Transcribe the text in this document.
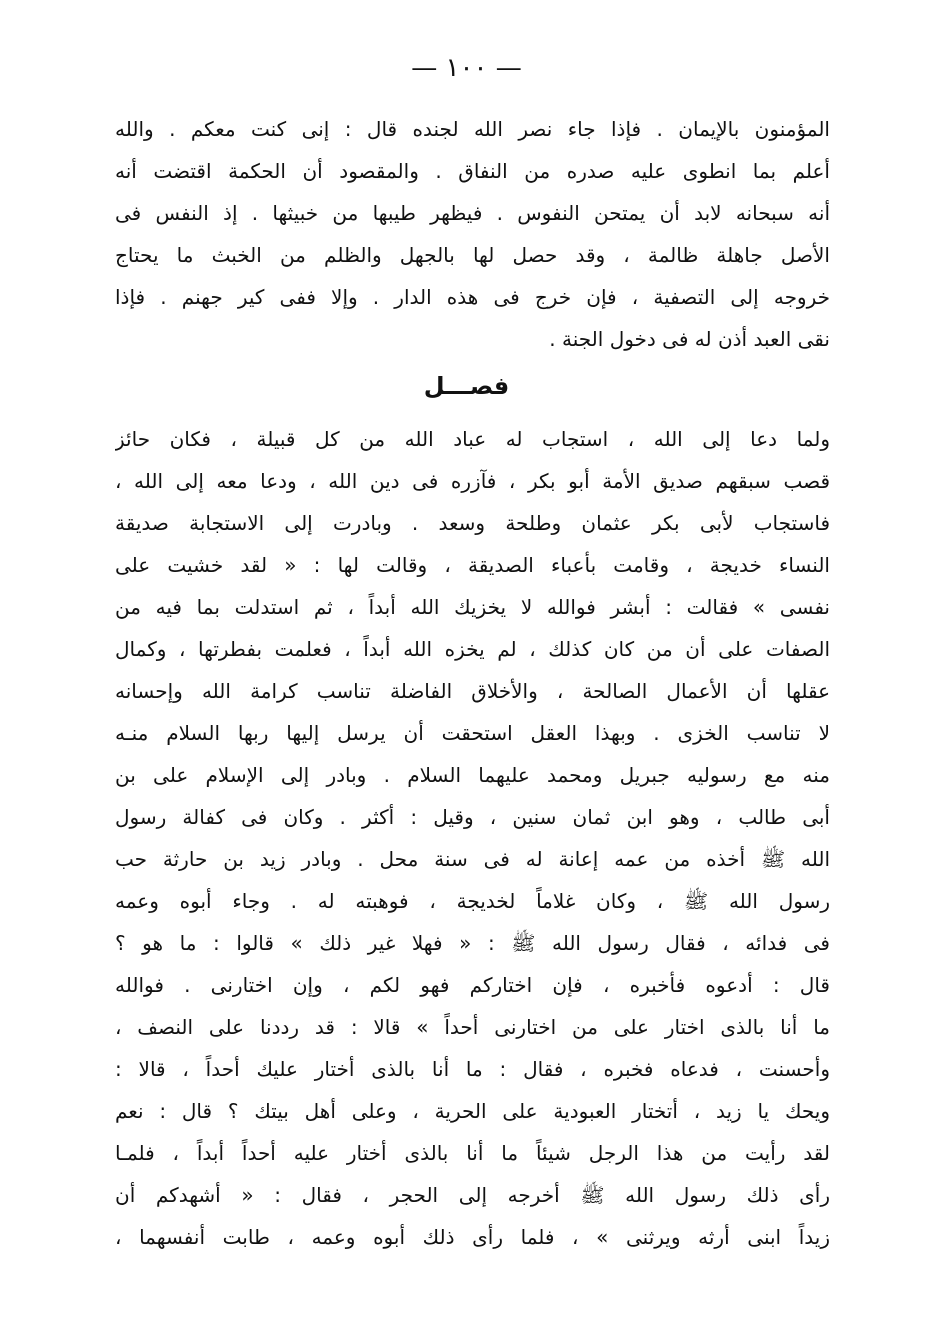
— ١٠٠ —
المؤمنون بالإيمان . فإذا جاء نصر الله لجنده قال : إنى كنت معكم . والله
أعلم بما انطوى عليه صدره من النفاق . والمقصود أن الحكمة اقتضت أنه
أنه سبحانه لابد أن يمتحن النفوس . فيظهر طيبها من خبيثها . إذ النفس فى
الأصل جاهلة ظالمة ، وقد حصل لها بالجهل والظلم من الخبث ما يحتاج
خروجه إلى التصفية ، فإن خرج فى هذه الدار . وإلا ففى كير جهنم . فإذا
نقى العبد أذن له فى دخول الجنة .
فصـــل
ولما دعا إلى الله ، استجاب له عباد الله من كل قبيلة ، فكان حائز
قصب سبقهم صديق الأمة أبو بكر ، فآزره فى دين الله ، ودعا معه إلى الله ،
فاستجاب لأبى بكر عثمان وطلحة وسعد . وبادرت إلى الاستجابة صديقة
النساء خديجة ، وقامت بأعباء الصديقة ، وقالت لها : « لقد خشيت على
نفسى » فقالت : أبشر فوالله لا يخزيك الله أبداً ، ثم استدلت بما فيه من
الصفات على أن من كان كذلك ، لم يخزه الله أبداً ، فعلمت بفطرتها ، وكمال
عقلها أن الأعمال الصالحة ، والأخلاق الفاضلة تناسب كرامة الله وإحسانه
لا تناسب الخزى . وبهذا العقل استحقت أن يرسل إليها ربها السلام منـه
منه مع رسوليه جبريل ومحمد عليهما السلام . وبادر إلى الإسلام على بن
أبى طالب ، وهو ابن ثمان سنين ، وقيل : أكثر . وكان فى كفالة رسول
الله ﷺ أخذه من عمه إعانة له فى سنة محل . وبادر زيد بن حارثة حب
رسول الله ﷺ ، وكان غلاماً لخديجة ، فوهبته له . وجاء أبوه وعمه
فى فدائه ، فقال رسول الله ﷺ : « فهلا غير ذلك » قالوا : ما هو ؟
قال : أدعوه فأخبره ، فإن اختاركم فهو لكم ، وإن اختارنى . فوالله
ما أنا بالذى اختار على من اختارنى أحداً » قالا : قد رددنا على النصف ،
وأحسنت ، فدعاه فخبره ، فقال : ما أنا بالذى أختار عليك أحداً ، قالا :
ويحك يا زيد ، أتختار العبودية على الحرية ، وعلى أهل بيتك ؟ قال : نعم
لقد رأيت من هذا الرجل شيئاً ما أنا بالذى أختار عليه أحداً أبداً ، فلمـا
رأى ذلك رسول الله ﷺ أخرجه إلى الحجر ، فقال : « أشهدكم أن
زيداً ابنى أرثه ويرثنى » ، فلما رأى ذلك أبوه وعمه ، طابت أنفسهما ،
